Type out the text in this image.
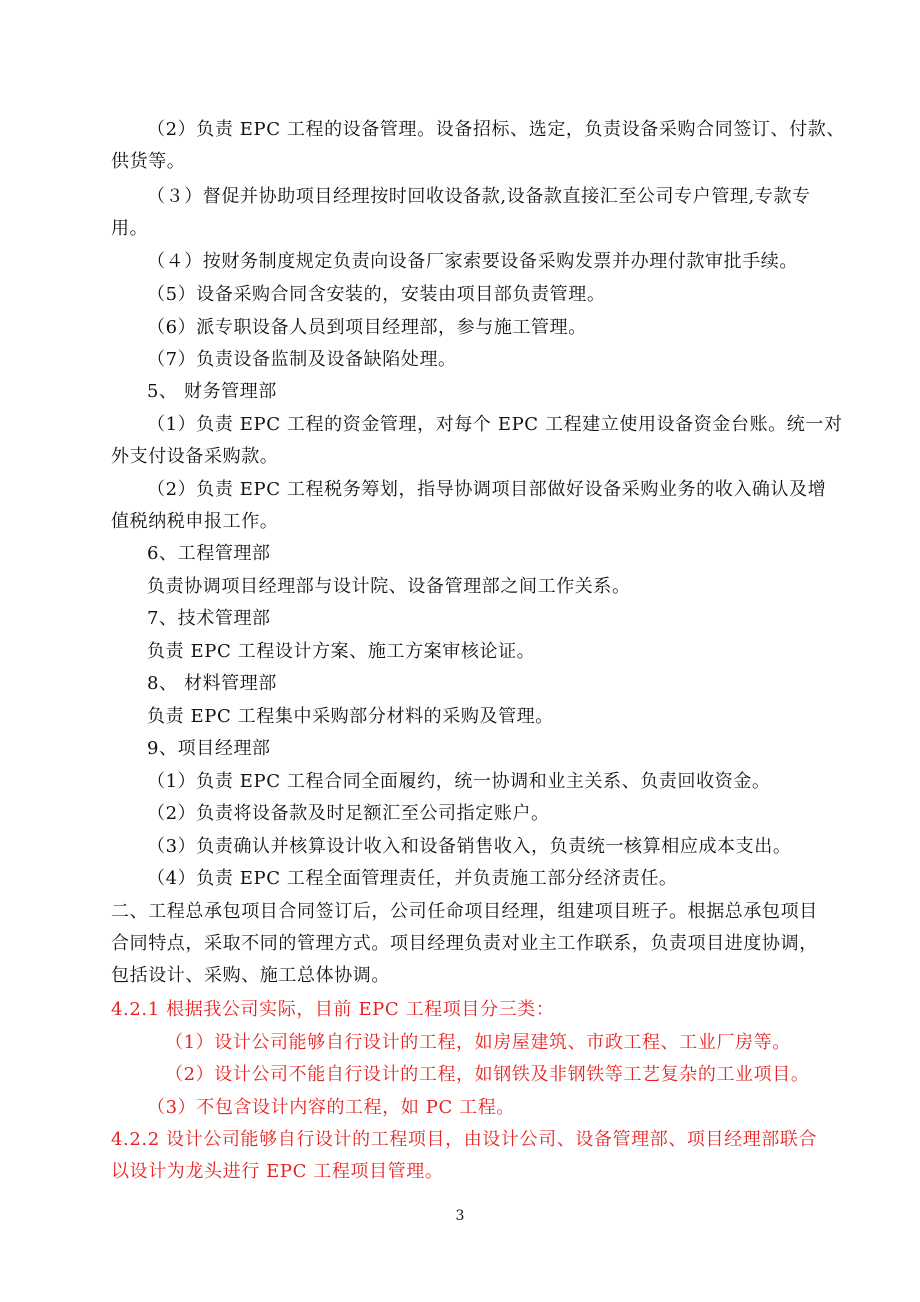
（2）负责 EPC 工程的设备管理。设备招标、选定，负责设备采购合同签订、付款、
供货等。
（３）督促并协助项目经理按时回收设备款,设备款直接汇至公司专户管理,专款专
用。
（４）按财务制度规定负责向设备厂家索要设备采购发票并办理付款审批手续。
（5）设备采购合同含安装的，安装由项目部负责管理。
（6）派专职设备人员到项目经理部，参与施工管理。
（7）负责设备监制及设备缺陷处理。
5、 财务管理部
（1）负责 EPC 工程的资金管理，对每个 EPC 工程建立使用设备资金台账。统一对
外支付设备采购款。
（2）负责 EPC 工程税务筹划，指导协调项目部做好设备采购业务的收入确认及增
值税纳税申报工作。
6、工程管理部
负责协调项目经理部与设计院、设备管理部之间工作关系。
7、技术管理部
负责 EPC 工程设计方案、施工方案审核论证。
8、 材料管理部
负责 EPC 工程集中采购部分材料的采购及管理。
9、项目经理部
（1）负责 EPC 工程合同全面履约，统一协调和业主关系、负责回收资金。
（2）负责将设备款及时足额汇至公司指定账户。
（3）负责确认并核算设计收入和设备销售收入，负责统一核算相应成本支出。
（4）负责 EPC 工程全面管理责任，并负责施工部分经济责任。
二、工程总承包项目合同签订后，公司任命项目经理，组建项目班子。根据总承包项目
合同特点，采取不同的管理方式。项目经理负责对业主工作联系，负责项目进度协调，
包括设计、采购、施工总体协调。
4.2.1 根据我公司实际，目前 EPC 工程项目分三类：
（1）设计公司能够自行设计的工程，如房屋建筑、市政工程、工业厂房等。
（2）设计公司不能自行设计的工程，如钢铁及非钢铁等工艺复杂的工业项目。
（3）不包含设计内容的工程，如 PC 工程。
4.2.2 设计公司能够自行设计的工程项目，由设计公司、设备管理部、项目经理部联合
以设计为龙头进行 EPC 工程项目管理。
3
